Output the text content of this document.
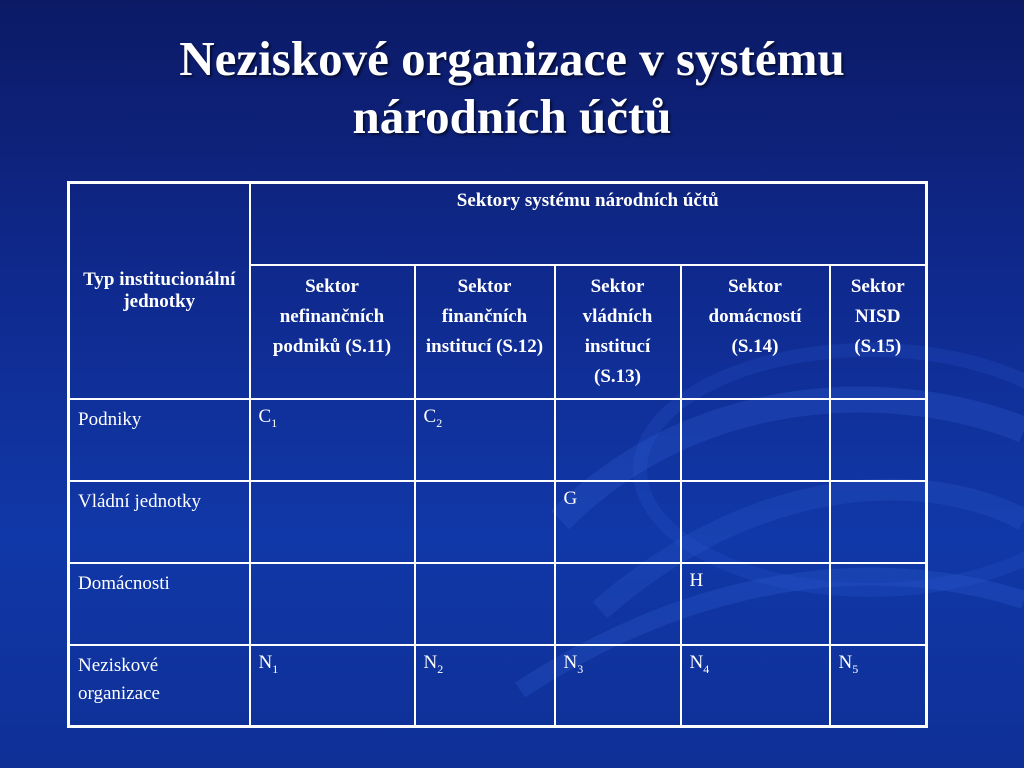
Neziskové organizace v systému
národních účtů
Typ institucionální jednotky	Sektory systému národních účtů				
	Sektor nefinančních podniků (S.11)	Sektor finančních institucí (S.12)	Sektor vládních institucí (S.13)	Sektor domácností (S.14)	Sektor NISD (S.15)
Podniky	$C_1$	$C_2$			
Vládní jednotky			G		
Domácnosti				H	
Neziskové organizace	$N_1$	$N_2$	$N_3$	$N_4$	$N_5$
